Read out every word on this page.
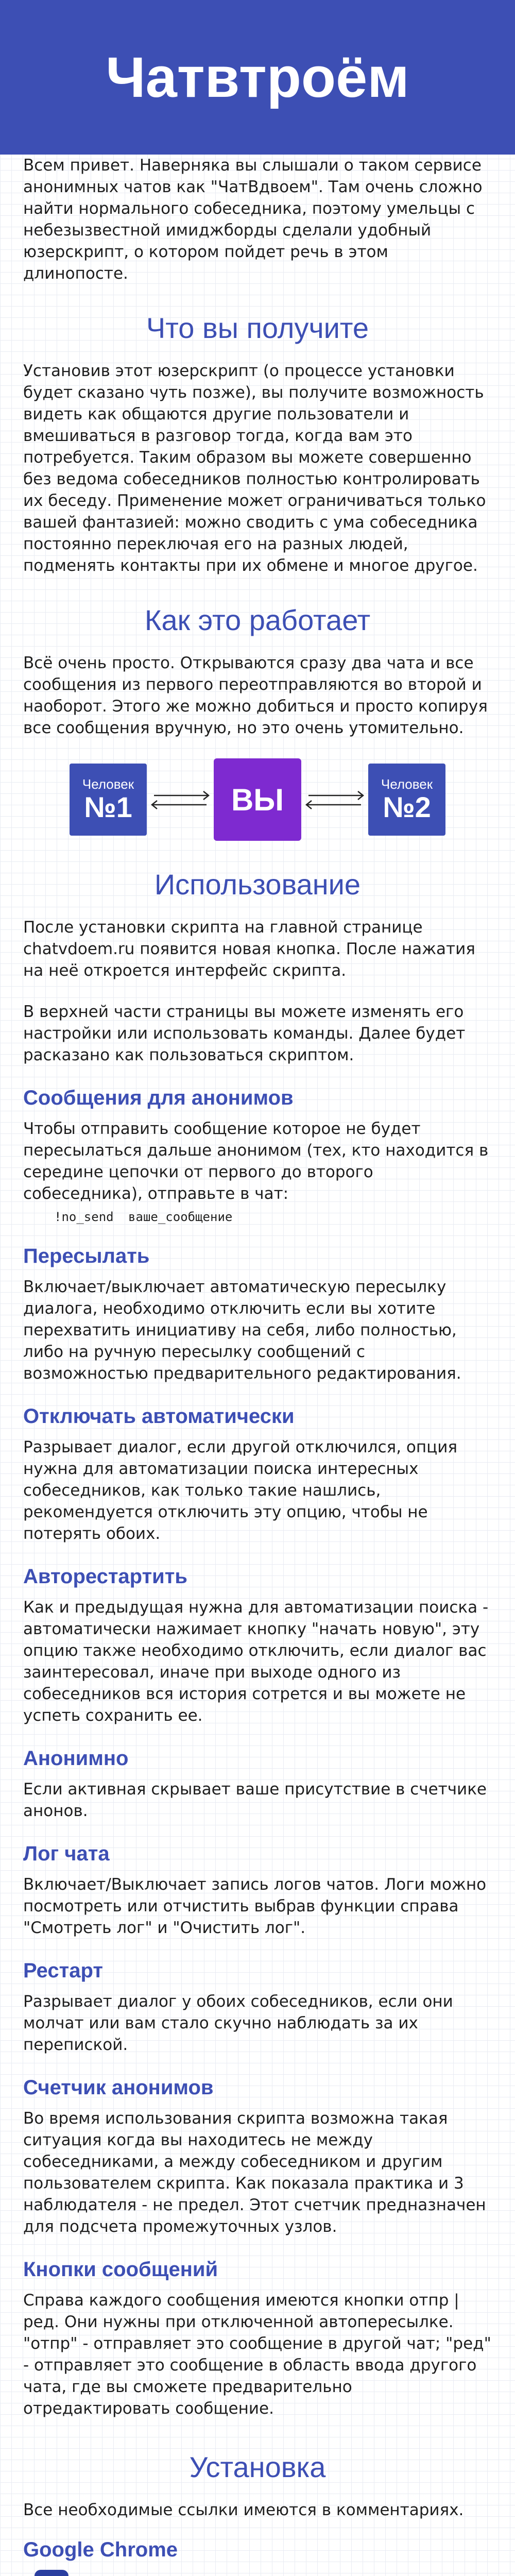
Чатвтроём

Всем привет. Наверняка вы слышали о таком сервисе анонимных чатов как "ЧатВдвоем". Там очень сложно найти нормального собеседника, поэтому умельцы с небезызвестной имиджборды сделали удобный юзерскрипт, о котором пойдет речь в этом длинопосте.

Что вы получите

Установив этот юзерскрипт (о процессе установки будет сказано чуть позже), вы получите возможность видеть как общаются другие пользователи и вмешиваться в разговор тогда, когда вам это потребуется. Таким образом вы можете совершенно без ведома собеседников полностью контролировать их беседу. Применение может ограничиваться только вашей фантазией: можно сводить с ума собеседника постоянно переключая его на разных людей, подменять контакты при их обмене и многое другое.

Как это работает

Всё очень просто. Открываются сразу два чата и все сообщения из первого переотправляются во второй и наоборот. Этого же можно добиться и просто копируя все сообщения вручную, но это очень утомительно.

Человек
№1	ВЫ	Человек
№2
Использование

После установки скрипта на главной странице chatvdoem.ru появится новая кнопка. После нажатия на неё откроется интерфейс скрипта.

В верхней части страницы вы можете изменять его настройки или использовать команды. Далее будет расказано как пользоваться скриптом.

Сообщения для анонимов

Чтобы отправить сообщение которое не будет пересылаться дальше анонимом (тех, кто находится в середине цепочки от первого до второго собеседника), отправьте в чат:

!no_send ваше_сообщение
Пересылать

Включает/выключает автоматическую пересылку диалога, необходимо отключить если вы хотите перехватить инициативу на себя, либо полностью, либо на ручную пересылку сообщений с возможностью предварительного редактирования.

Отключать автоматически

Разрывает диалог, если другой отключился, опция нужна для автоматизации поиска интересных собеседников, как только такие нашлись, рекомендуется отключить эту опцию, чтобы не потерять обоих.

Авторестартить

Как и предыдущая нужна для автоматизации поиска - автоматически нажимает кнопку "начать новую", эту опцию также необходимо отключить, если диалог вас заинтересовал, иначе при выходе одного из собеседников вся история сотрется и вы можете не успеть сохранить ее.

Анонимно

Если активная скрывает ваше присутствие в счетчике анонов.

Лог чата

Включает/Выключает запись логов чатов. Логи можно посмотреть или отчистить выбрав функции справа "Смотреть лог" и "Очистить лог".

Рестарт

Разрывает диалог у обоих собеседников, если они молчат или вам стало скучно наблюдать за их перепиской.

Счетчик анонимов

Во время использования скрипта возможна такая ситуация когда вы находитесь не между собеседниками, а между собеседником и другим пользователем скрипта. Как показала практика и 3 наблюдателя - не предел. Этот счетчик предназначен для подсчета промежуточных узлов.

Кнопки сообщений

Справа каждого сообщения имеются кнопки отпр | ред. Они нужны при отключенной автопересылке. "отпр" - отправляет это сообщение в другой чат; "ред" - отправляет это сообщение в область ввода другого чата, где вы сможете предварительно отредактировать сообщение.

Установка

Все необходимые ссылки имеются в комментариях.

Google Chrome
